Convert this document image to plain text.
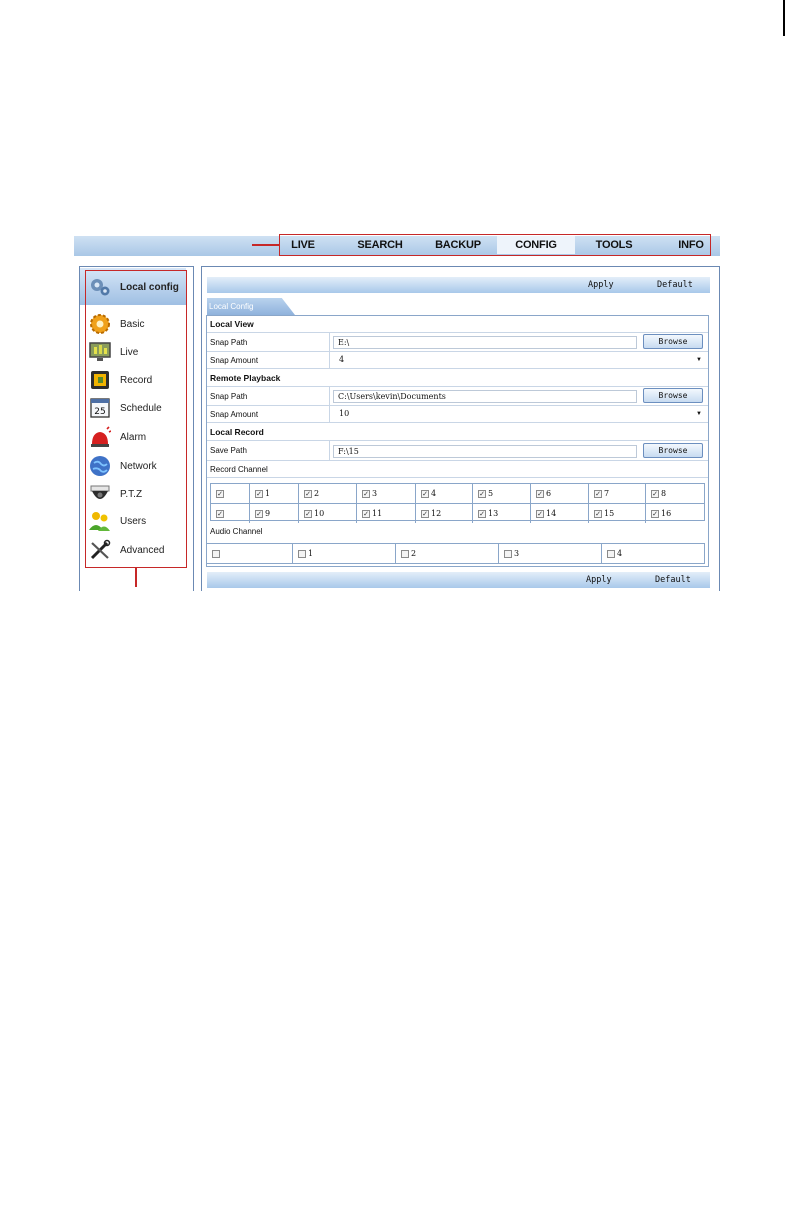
LIVE	SEARCH	BACKUP	CONFIG	TOOLS	INFO
Local config
Basic
Live
Record
25 Schedule
Alarm
Network
P.T.Z
Users
Advanced
Apply	Default
Local Config
Local View
Snap Path	E:\	Browse
Snap Amount	4	▼
Remote Playback
Snap Path	C:\Users\kevin\Documents	Browse
Snap Amount	10	▼
Local Record
Save Path	F:\15	Browse
Record Channel
✓	✓ 1	✓ 2	✓ 3	✓ 4	✓ 5	✓ 6	✓ 7	✓ 8
✓	✓ 9	✓ 10	✓ 11	✓ 12	✓ 13	✓ 14	✓ 15	✓ 16
Audio Channel
1	2	3	4
Apply	Default
